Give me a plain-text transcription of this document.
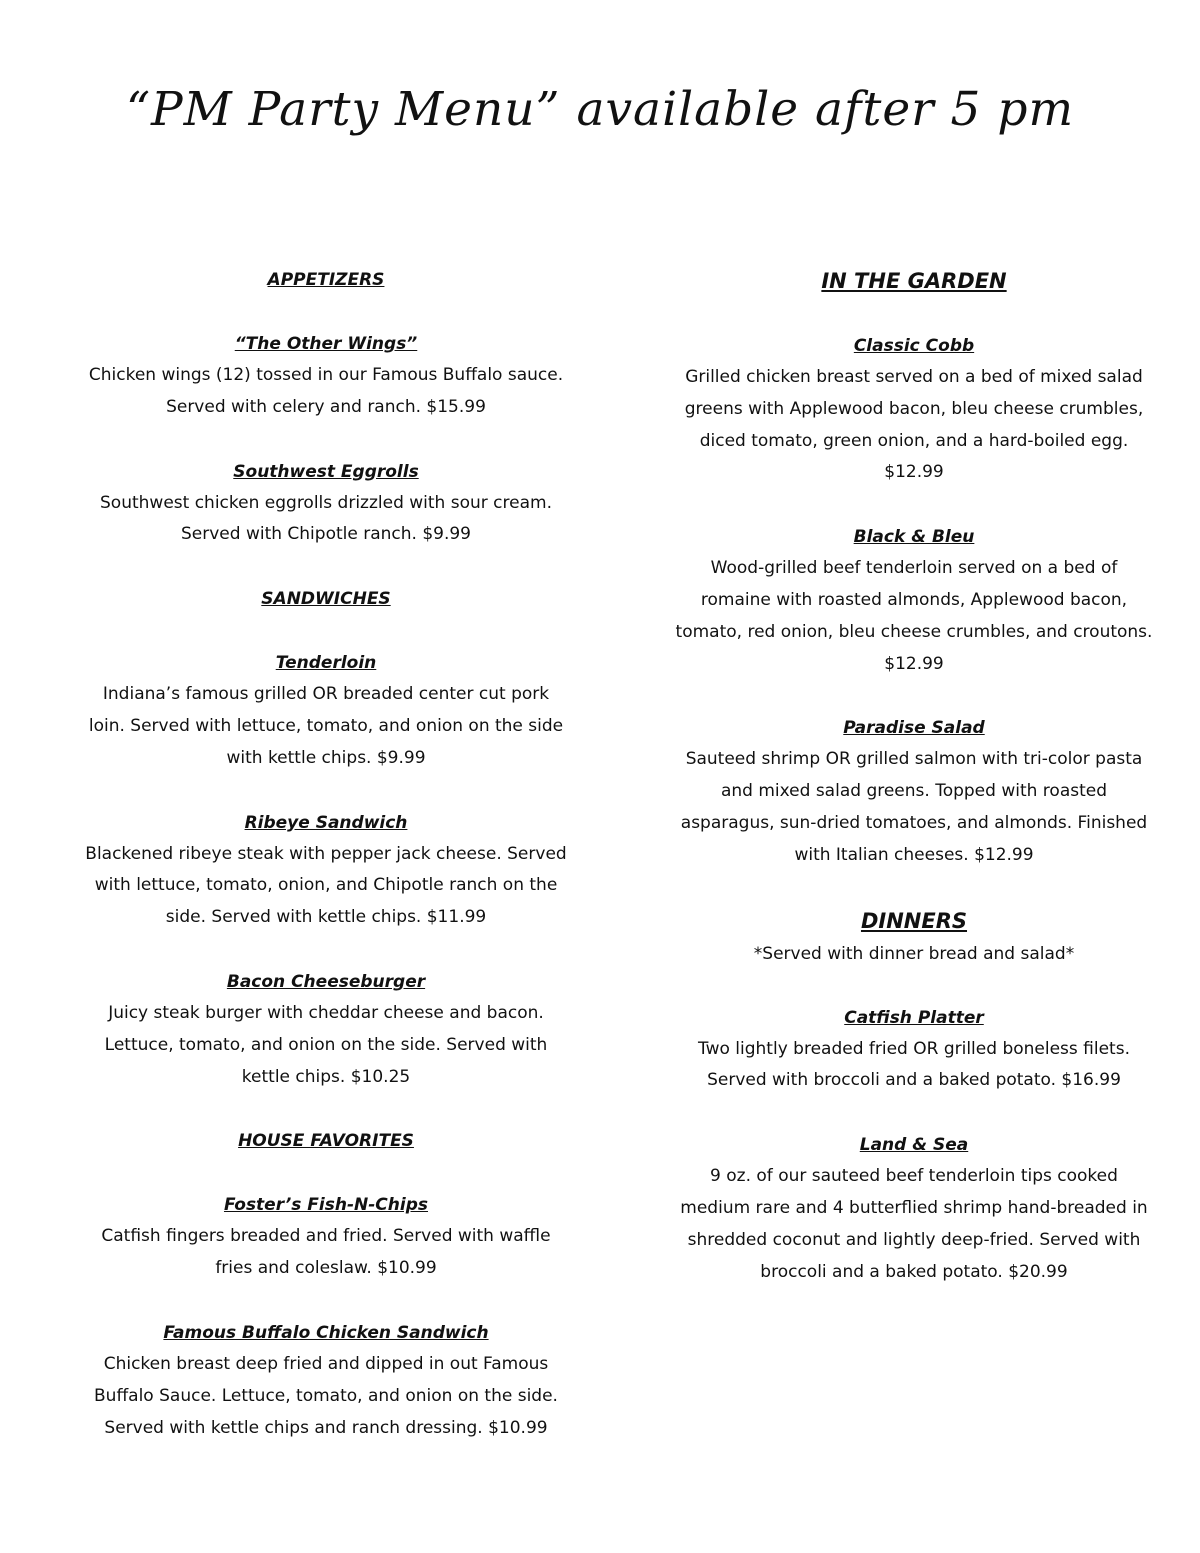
“PM Party Menu” available after 5 pm

APPETIZERS

“The Other Wings”

Chicken wings (12) tossed in our Famous Buffalo sauce.
Served with celery and ranch. $15.99

Southwest Eggrolls

Southwest chicken eggrolls drizzled with sour cream.
Served with Chipotle ranch. $9.99

SANDWICHES

Tenderloin

Indiana’s famous grilled OR breaded center cut pork
loin. Served with lettuce, tomato, and onion on the side
with kettle chips. $9.99

Ribeye Sandwich

Blackened ribeye steak with pepper jack cheese. Served
with lettuce, tomato, onion, and Chipotle ranch on the
side. Served with kettle chips. $11.99

Bacon Cheeseburger

Juicy steak burger with cheddar cheese and bacon.
Lettuce, tomato, and onion on the side. Served with
kettle chips. $10.25

HOUSE FAVORITES

Foster’s Fish-N-Chips

Catfish fingers breaded and fried. Served with waffle
fries and coleslaw. $10.99

Famous Buffalo Chicken Sandwich

Chicken breast deep fried and dipped in out Famous
Buffalo Sauce. Lettuce, tomato, and onion on the side.
Served with kettle chips and ranch dressing. $10.99

IN THE GARDEN

Classic Cobb

Grilled chicken breast served on a bed of mixed salad
greens with Applewood bacon, bleu cheese crumbles,
diced tomato, green onion, and a hard-boiled egg.
$12.99

Black & Bleu

Wood-grilled beef tenderloin served on a bed of
romaine with roasted almonds, Applewood bacon,
tomato, red onion, bleu cheese crumbles, and croutons.
$12.99

Paradise Salad

Sauteed shrimp OR grilled salmon with tri-color pasta
and mixed salad greens. Topped with roasted
asparagus, sun-dried tomatoes, and almonds. Finished
with Italian cheeses. $12.99

DINNERS

*Served with dinner bread and salad*

Catfish Platter

Two lightly breaded fried OR grilled boneless filets.
Served with broccoli and a baked potato. $16.99

Land & Sea

9 oz. of our sauteed beef tenderloin tips cooked
medium rare and 4 butterflied shrimp hand-breaded in
shredded coconut and lightly deep-fried. Served with
broccoli and a baked potato. $20.99
